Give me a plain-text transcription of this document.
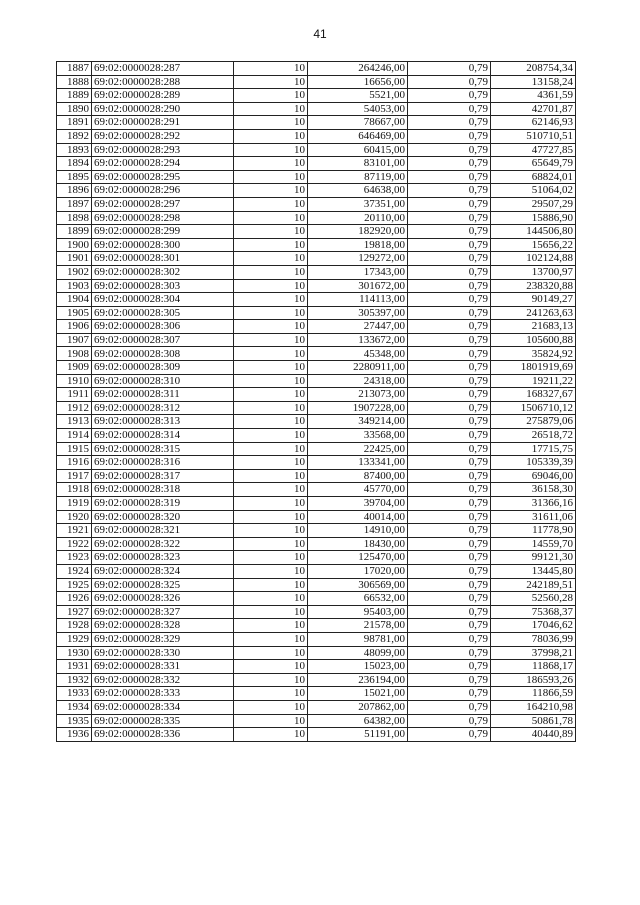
41
1887	69:02:0000028:287	10	264246,00	0,79	208754,34
1888	69:02:0000028:288	10	16656,00	0,79	13158,24
1889	69:02:0000028:289	10	5521,00	0,79	4361,59
1890	69:02:0000028:290	10	54053,00	0,79	42701,87
1891	69:02:0000028:291	10	78667,00	0,79	62146,93
1892	69:02:0000028:292	10	646469,00	0,79	510710,51
1893	69:02:0000028:293	10	60415,00	0,79	47727,85
1894	69:02:0000028:294	10	83101,00	0,79	65649,79
1895	69:02:0000028:295	10	87119,00	0,79	68824,01
1896	69:02:0000028:296	10	64638,00	0,79	51064,02
1897	69:02:0000028:297	10	37351,00	0,79	29507,29
1898	69:02:0000028:298	10	20110,00	0,79	15886,90
1899	69:02:0000028:299	10	182920,00	0,79	144506,80
1900	69:02:0000028:300	10	19818,00	0,79	15656,22
1901	69:02:0000028:301	10	129272,00	0,79	102124,88
1902	69:02:0000028:302	10	17343,00	0,79	13700,97
1903	69:02:0000028:303	10	301672,00	0,79	238320,88
1904	69:02:0000028:304	10	114113,00	0,79	90149,27
1905	69:02:0000028:305	10	305397,00	0,79	241263,63
1906	69:02:0000028:306	10	27447,00	0,79	21683,13
1907	69:02:0000028:307	10	133672,00	0,79	105600,88
1908	69:02:0000028:308	10	45348,00	0,79	35824,92
1909	69:02:0000028:309	10	2280911,00	0,79	1801919,69
1910	69:02:0000028:310	10	24318,00	0,79	19211,22
1911	69:02:0000028:311	10	213073,00	0,79	168327,67
1912	69:02:0000028:312	10	1907228,00	0,79	1506710,12
1913	69:02:0000028:313	10	349214,00	0,79	275879,06
1914	69:02:0000028:314	10	33568,00	0,79	26518,72
1915	69:02:0000028:315	10	22425,00	0,79	17715,75
1916	69:02:0000028:316	10	133341,00	0,79	105339,39
1917	69:02:0000028:317	10	87400,00	0,79	69046,00
1918	69:02:0000028:318	10	45770,00	0,79	36158,30
1919	69:02:0000028:319	10	39704,00	0,79	31366,16
1920	69:02:0000028:320	10	40014,00	0,79	31611,06
1921	69:02:0000028:321	10	14910,00	0,79	11778,90
1922	69:02:0000028:322	10	18430,00	0,79	14559,70
1923	69:02:0000028:323	10	125470,00	0,79	99121,30
1924	69:02:0000028:324	10	17020,00	0,79	13445,80
1925	69:02:0000028:325	10	306569,00	0,79	242189,51
1926	69:02:0000028:326	10	66532,00	0,79	52560,28
1927	69:02:0000028:327	10	95403,00	0,79	75368,37
1928	69:02:0000028:328	10	21578,00	0,79	17046,62
1929	69:02:0000028:329	10	98781,00	0,79	78036,99
1930	69:02:0000028:330	10	48099,00	0,79	37998,21
1931	69:02:0000028:331	10	15023,00	0,79	11868,17
1932	69:02:0000028:332	10	236194,00	0,79	186593,26
1933	69:02:0000028:333	10	15021,00	0,79	11866,59
1934	69:02:0000028:334	10	207862,00	0,79	164210,98
1935	69:02:0000028:335	10	64382,00	0,79	50861,78
1936	69:02:0000028:336	10	51191,00	0,79	40440,89
